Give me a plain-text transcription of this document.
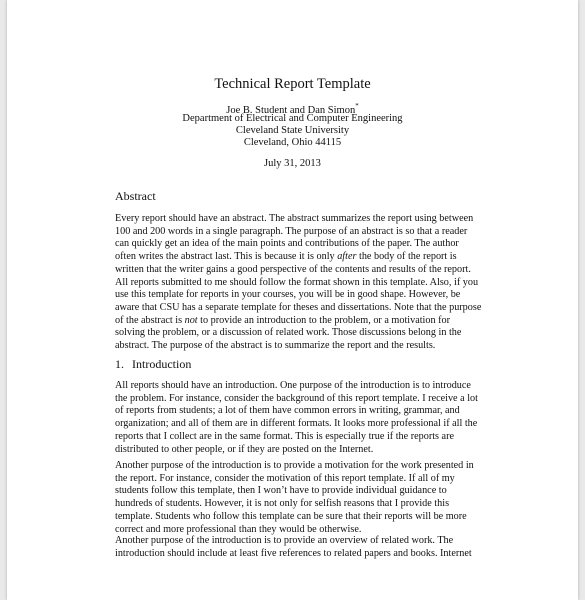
Technical Report Template
Joe B. Student and Dan Simon*
Department of Electrical and Computer Engineering
Cleveland State University
Cleveland, Ohio 44115
July 31, 2013
Abstract
Every report should have an abstract. The abstract summarizes the report using between
100 and 200 words in a single paragraph. The purpose of an abstract is so that a reader
can quickly get an idea of the main points and contributions of the paper. The author
often writes the abstract last. This is because it is only after the body of the report is
written that the writer gains a good perspective of the contents and results of the report.
All reports submitted to me should follow the format shown in this template. Also, if you
use this template for reports in your courses, you will be in good shape. However, be
aware that CSU has a separate template for theses and dissertations. Note that the purpose
of the abstract is not to provide an introduction to the problem, or a motivation for
solving the problem, or a discussion of related work. Those discussions belong in the
abstract. The purpose of the abstract is to summarize the report and the results.
1. Introduction
All reports should have an introduction. One purpose of the introduction is to introduce
the problem. For instance, consider the background of this report template. I receive a lot
of reports from students; a lot of them have common errors in writing, grammar, and
organization; and all of them are in different formats. It looks more professional if all the
reports that I collect are in the same format. This is especially true if the reports are
distributed to other people, or if they are posted on the Internet.
Another purpose of the introduction is to provide a motivation for the work presented in
the report. For instance, consider the motivation of this report template. If all of my
students follow this template, then I won’t have to provide individual guidance to
hundreds of students. However, it is not only for selfish reasons that I provide this
template. Students who follow this template can be sure that their reports will be more
correct and more professional than they would be otherwise.
Another purpose of the introduction is to provide an overview of related work. The
introduction should include at least five references to related papers and books. Internet
